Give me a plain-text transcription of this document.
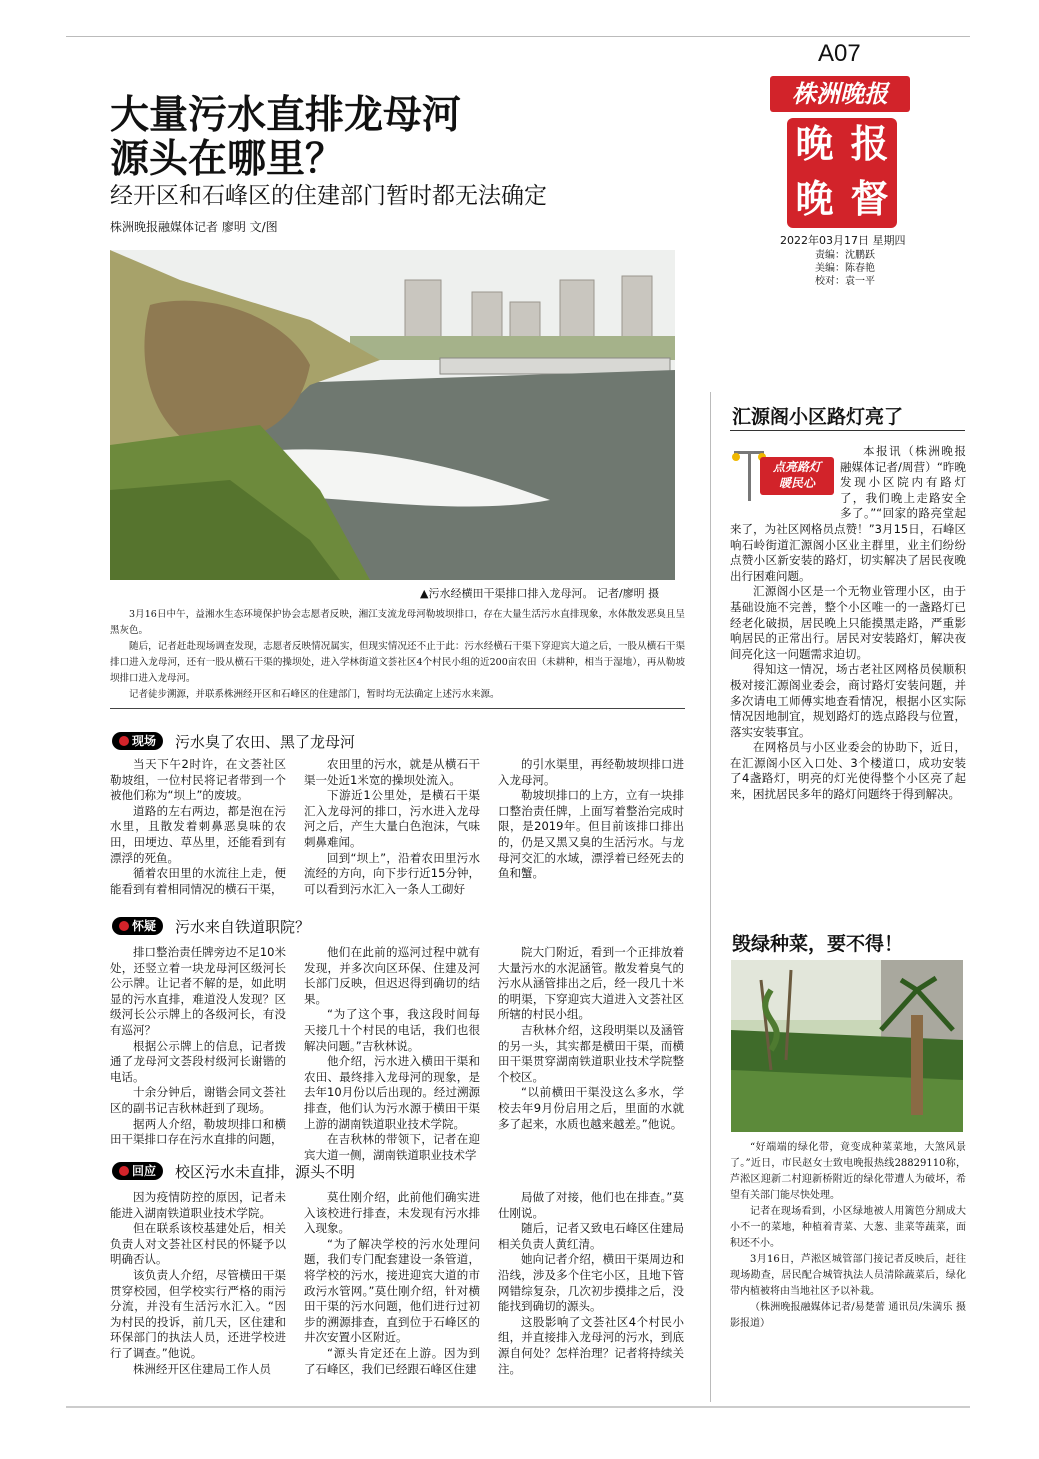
A07
株洲晚报
晚 报
晚 督
2022年03月17日 星期四
责编：沈鹏跃
美编：陈春艳
校对：袁一平
大量污水直排龙母河
源头在哪里？
经开区和石峰区的住建部门暂时都无法确定
株洲晚报融媒体记者 廖明 文/图
▲污水经横田干渠排口排入龙母河。 记者/廖明 摄

3月16日中午，益湘水生态环境保护协会志愿者反映，湘江支流龙母河勒坡坝排口，存在大量生活污水直排现象，水体散发恶臭且呈黑灰色。

随后，记者赶赴现场调查发现，志愿者反映情况属实，但现实情况还不止于此：污水经横石干渠下穿迎宾大道之后，一股从横石干渠排口进入龙母河，还有一股从横石干渠的操坝处，进入学林街道文荟社区4个村民小组的近200亩农田（未耕种，相当于湿地），再从勒坡坝排口进入龙母河。

记者徒步溯源，并联系株洲经开区和石峰区的住建部门，暂时均无法确定上述污水来源。

现场 污水臭了农田、黑了龙母河

当天下午2时许，在文荟社区勒坡组，一位村民将记者带到一个被他们称为“坝上”的废坡。

道路的左右两边，都是泡在污水里，且散发着刺鼻恶臭味的农田，田埂边、草丛里，还能看到有漂浮的死鱼。

循着农田里的水流往上走，便能看到有着相同情况的横石干渠，

农田里的污水，就是从横石干渠一处近1米宽的操坝处流入。

下游近1公里处，是横石干渠汇入龙母河的排口，污水进入龙母河之后，产生大量白色泡沫，气味刺鼻难闻。

回到“坝上”，沿着农田里污水流经的方向，向下步行近15分钟，可以看到污水汇入一条人工砌好

的引水渠里，再经勒坡坝排口进入龙母河。

勒坡坝排口的上方，立有一块排口整治责任牌，上面写着整治完成时限，是2019年。但目前该排口排出的，仍是又黑又臭的生活污水。与龙母河交汇的水域，漂浮着已经死去的鱼和蟹。

怀疑 污水来自铁道职院？

排口整治责任牌旁边不足10米处，还竖立着一块龙母河区级河长公示牌。让记者不解的是，如此明显的污水直排，难道没人发现？区级河长公示牌上的各级河长，有没有巡河？

根据公示牌上的信息，记者拨通了龙母河文荟段村级河长谢锴的电话。

十余分钟后，谢锴会同文荟社区的副书记吉秋林赶到了现场。

据两人介绍，勒坡坝排口和横田干渠排口存在污水直排的问题，

他们在此前的巡河过程中就有发现，并多次向区环保、住建及河长部门反映，但迟迟得到确切的结果。

“为了这个事，我这段时间每天接几十个村民的电话，我们也很解决问题。”吉秋林说。

他介绍，污水进入横田干渠和农田、最终排入龙母河的现象，是去年10月份以后出现的。经过溯源排查，他们认为污水源于横田干渠上游的湖南铁道职业技术学院。

在吉秋林的带领下，记者在迎宾大道一侧，湖南铁道职业技术学

院大门附近，看到一个正排放着大量污水的水泥涵管。散发着臭气的污水从涵管排出之后，经一段几十米的明渠，下穿迎宾大道进入文荟社区所辖的村民小组。

吉秋林介绍，这段明渠以及涵管的另一头，其实都是横田干渠，而横田干渠贯穿湖南铁道职业技术学院整个校区。

“以前横田干渠没这么多水，学校去年9月份启用之后，里面的水就多了起来，水质也越来越差。”他说。

回应 校区污水未直排，源头不明

因为疫情防控的原因，记者未能进入湖南铁道职业技术学院。

但在联系该校基建处后，相关负责人对文荟社区村民的怀疑予以明确否认。

该负责人介绍，尽管横田干渠贯穿校园，但学校实行严格的雨污分流，并没有生活污水汇入。“因为村民的投诉，前几天，区住建和环保部门的执法人员，还进学校进行了调查。”他说。

株洲经开区住建局工作人员

莫仕刚介绍，此前他们确实进入该校进行排查，未发现有污水排入现象。

“为了解决学校的污水处理问题，我们专门配套建设一条管道，将学校的污水，接进迎宾大道的市政污水管网。”莫仕刚介绍，针对横田干渠的污水问题，他们进行过初步的溯源排查，直到位于石峰区的井次安置小区附近。

“源头肯定还在上游。因为到了石峰区，我们已经跟石峰区住建

局做了对接，他们也在排查。”莫仕刚说。

随后，记者又致电石峰区住建局相关负责人黄红清。

她向记者介绍，横田干渠周边和沿线，涉及多个住宅小区，且地下管网错综复杂，几次初步摸排之后，没能找到确切的源头。

这股影响了文荟社区4个村民小组，并直接排入龙母河的污水，到底源自何处？怎样治理？记者将持续关注。

汇源阁小区路灯亮了
点亮路灯
暖民心

本报讯（株洲晚报融媒体记者/周营）“昨晚发现小区院内有路灯了，我们晚上走路安全多了。”“回家的路亮堂起来了，为社区网格员点赞！”3月15日，石峰区响石岭街道汇源阁小区业主群里，业主们纷纷点赞小区新安装的路灯，切实解决了居民夜晚出行困难问题。

汇源阁小区是一个无物业管理小区，由于基础设施不完善，整个小区唯一的一盏路灯已经老化破损，居民晚上只能摸黑走路，严重影响居民的正常出行。居民对安装路灯，解决夜间亮化这一问题需求迫切。

得知这一情况，场古老社区网格员侯顺积极对接汇源阁业委会，商讨路灯安装问题，并多次请电工师傅实地查看情况，根据小区实际情况因地制宜，规划路灯的选点路段与位置，落实安装事宜。

在网格员与小区业委会的协助下，近日，在汇源阁小区入口处、3个楼道口，成功安装了4盏路灯，明亮的灯光使得整个小区亮了起来，困扰居民多年的路灯问题终于得到解决。

毁绿种菜，要不得！

“好端端的绿化带，竟变成种菜菜地，大煞风景了。”近日，市民赵女士致电晚报热线28829110称，芦淞区迎新二村迎新桥附近的绿化带遭人为破坏，希望有关部门能尽快处理。

记者在现场看到，小区绿地被人用篱笆分割成大小不一的菜地，种植着青菜、大葱、韭菜等蔬菜，面积还不小。

3月16日，芦淞区城管部门接记者反映后，赶往现场勘查，居民配合城管执法人员清除蔬菜后，绿化带内植被将由当地社区予以补栽。

（株洲晚报融媒体记者/易楚蕾 通讯员/朱満乐 摄影报道）
